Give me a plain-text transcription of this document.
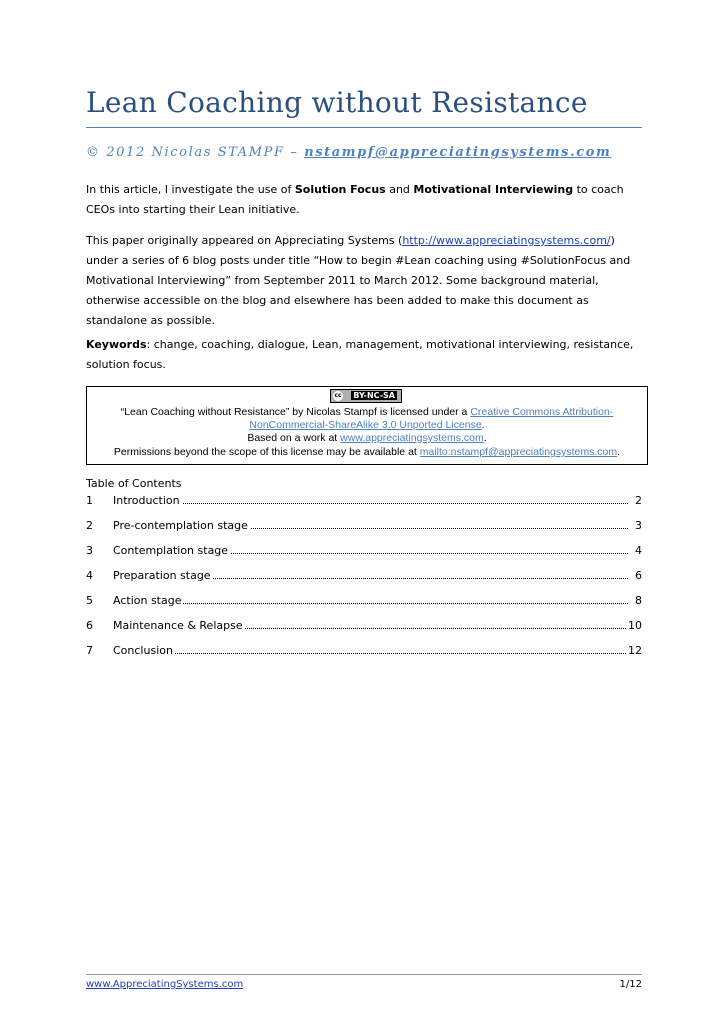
Lean Coaching without Resistance
© 2012 Nicolas STAMPF – nstampf@appreciatingsystems.com

In this article, I investigate the use of Solution Focus and Motivational Interviewing to coach CEOs into starting their Lean initiative.

This paper originally appeared on Appreciating Systems (http://www.appreciatingsystems.com/) under a series of 6 blog posts under title “How to begin #Lean coaching using #SolutionFocus and Motivational Interviewing” from September 2011 to March 2012. Some background material, otherwise accessible on the blog and elsewhere has been added to make this document as standalone as possible.

Keywords: change, coaching, dialogue, Lean, management, motivational interviewing, resistance, solution focus.

cc BY-NC-SA
“Lean Coaching without Resistance” by Nicolas Stampf is licensed under a Creative Commons Attribution-
NonCommercial-ShareAlike 3.0 Unported License.
Based on a work at www.appreciatingsystems.com.
Permissions beyond the scope of this license may be available at mailto:nstampf@appreciatingsystems.com.
Table of Contents
1 Introduction	2
2 Pre-contemplation stage	3
3 Contemplation stage	4
4 Preparation stage	6
5 Action stage	8
6 Maintenance & Relapse	10
7 Conclusion	12
www.AppreciatingSystems.com	1/12
